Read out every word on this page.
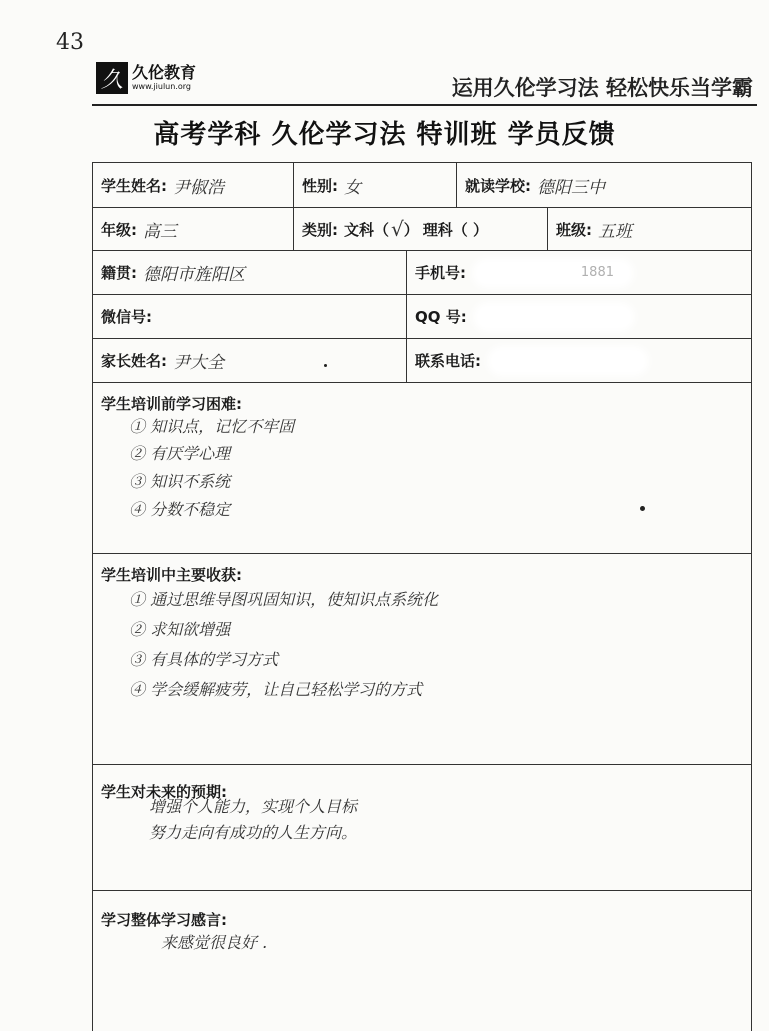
43
久 久伦教育
www.jiulun.org	运用久伦学习法 轻松快乐当学霸
高考学科 久伦学习法 特训班 学员反馈
学生姓名: 尹俶浩	性别: 女	就读学校: 德阳三中
年级: 高三	类别: 文科（ √ ） 理科（ ）	班级: 五班
籍贯: 德阳市旌阳区	手机号:	1881
微信号:	QQ 号:
家长姓名: 尹大全	联系电话:
学生培训前学习困难:
① 知识点，记忆不牢固
② 有厌学心理
③ 知识不系统
④ 分数不稳定
学生培训中主要收获:
① 通过思维导图巩固知识，使知识点系统化
② 求知欲增强
③ 有具体的学习方式
④ 学会缓解疲劳，让自己轻松学习的方式
学生对未来的预期:
增强个人能力，实现个人目标
努力走向有成功的人生方向。
学习整体学习感言:
来感觉很良好 .
